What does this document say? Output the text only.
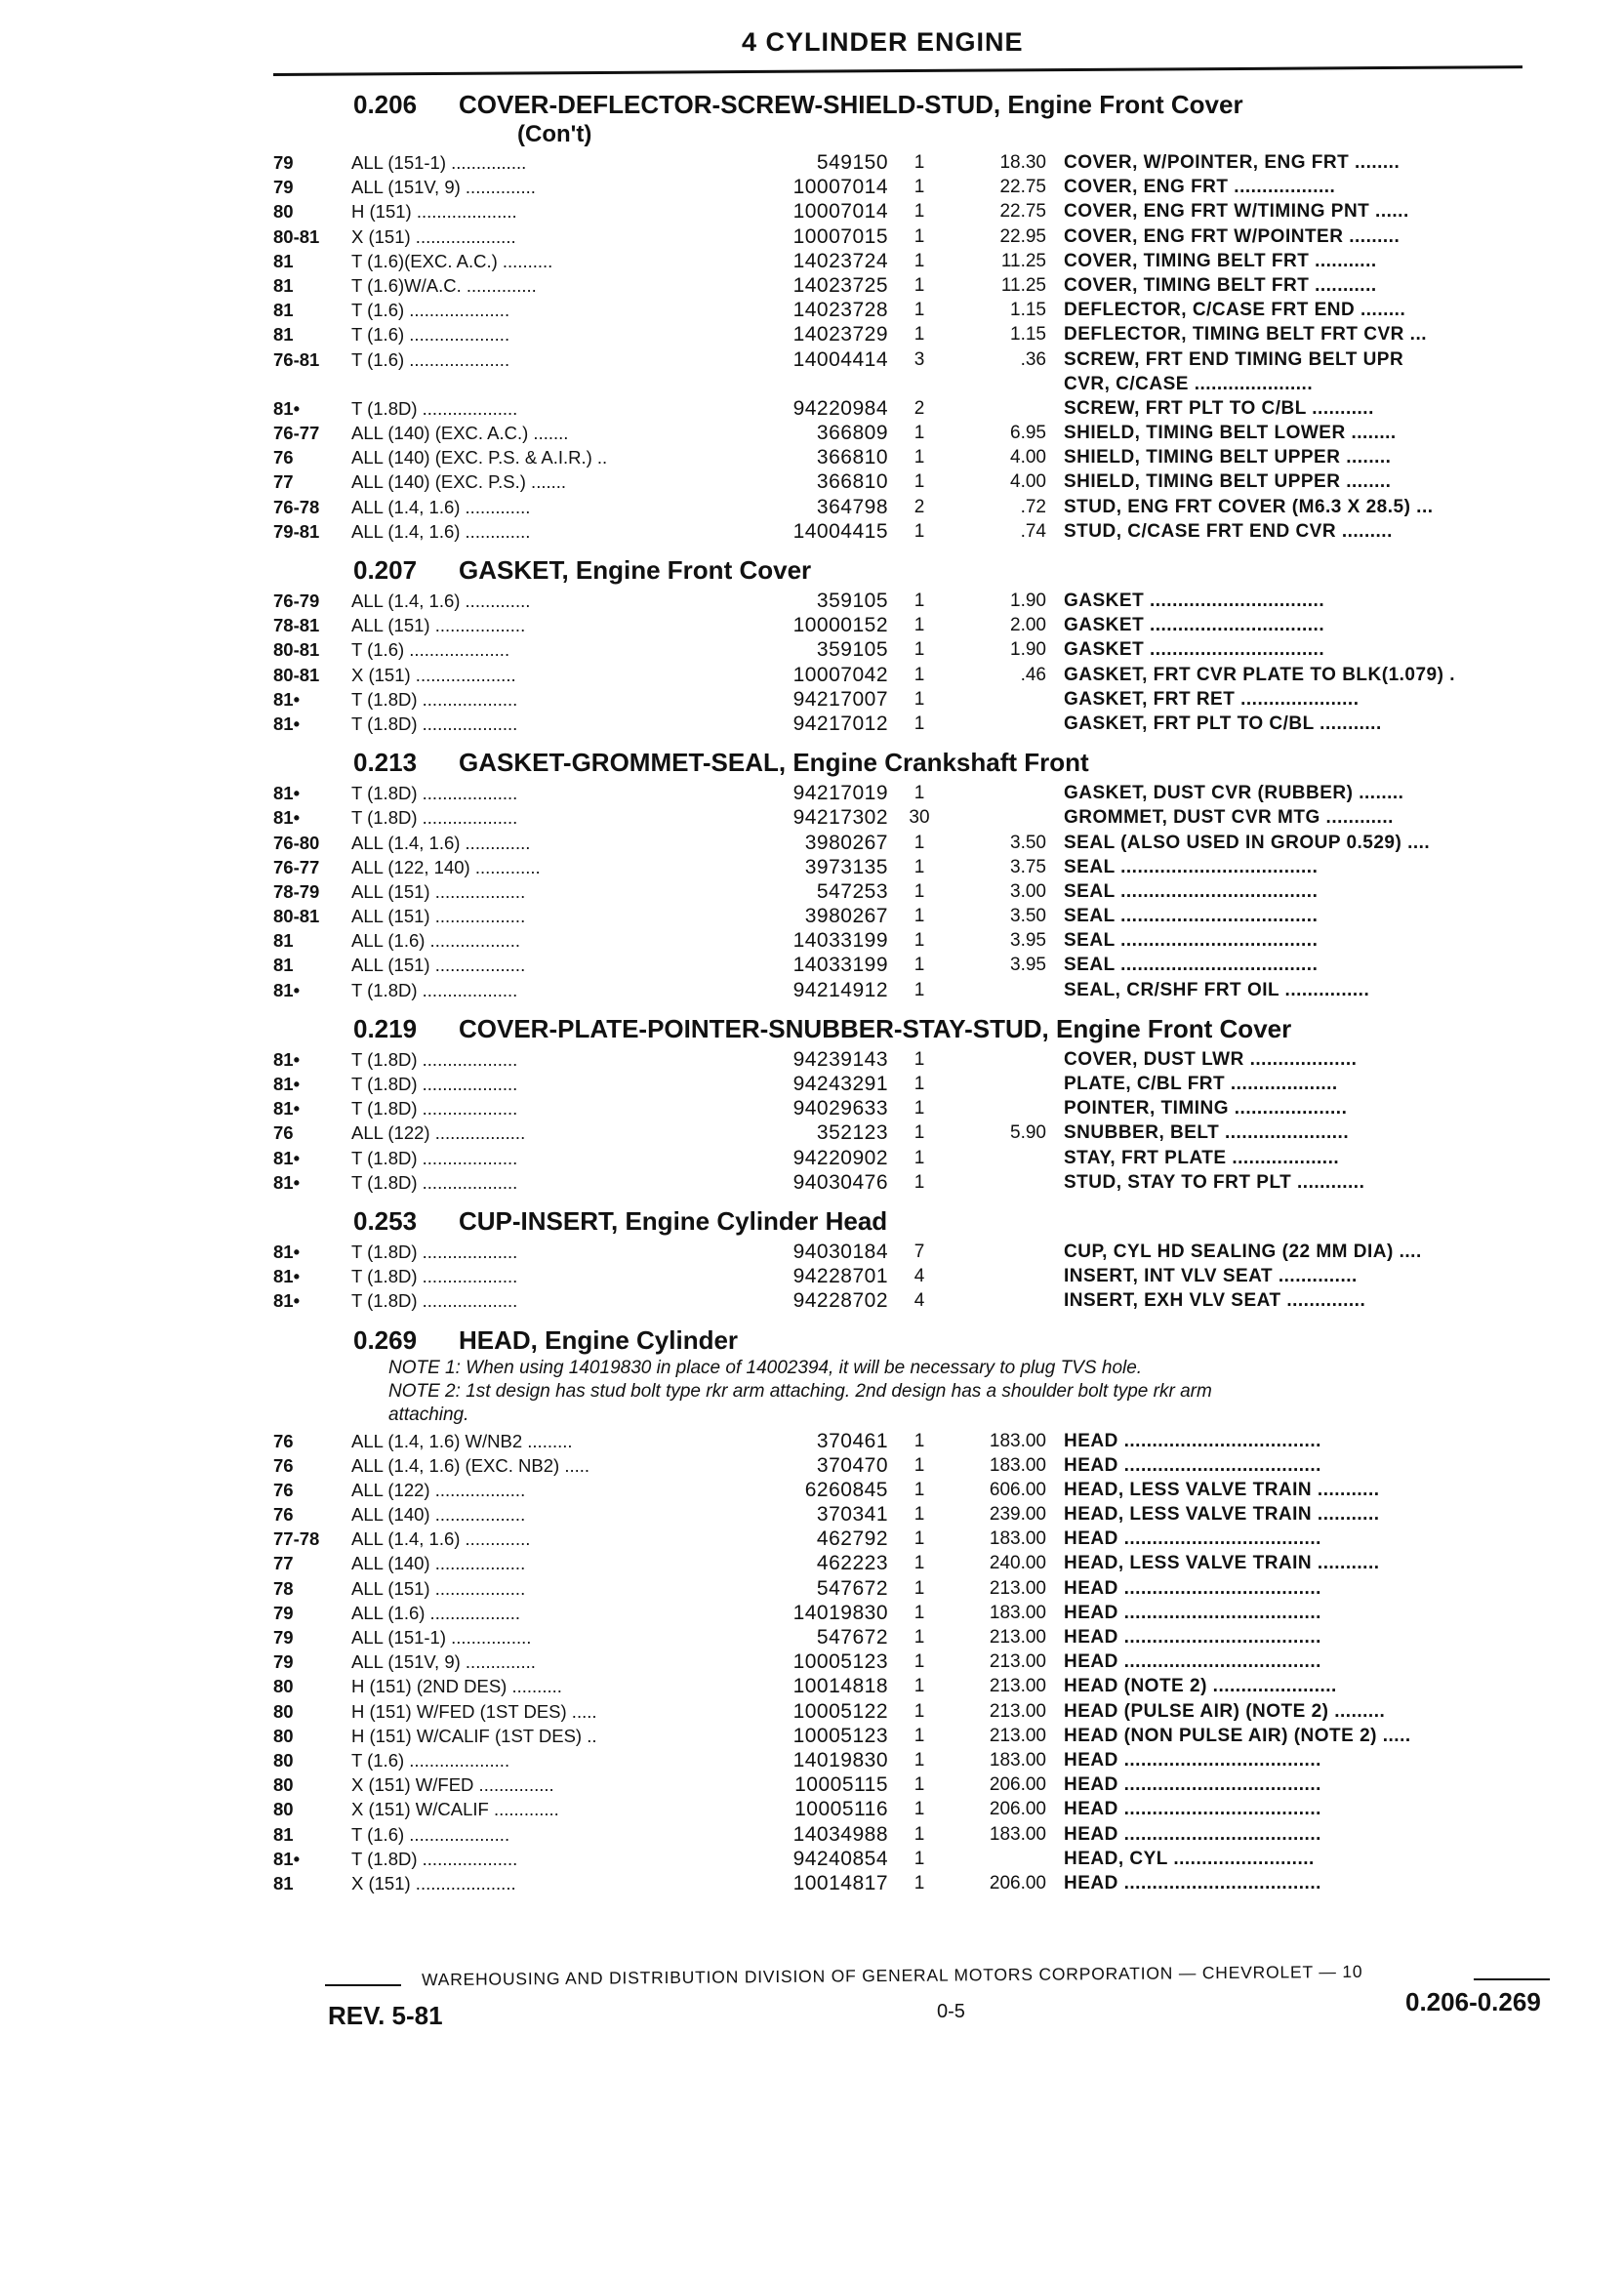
4 CYLINDER ENGINE
0.206 COVER-DEFLECTOR-SCREW-SHIELD-STUD, Engine Front Cover
(Con't)
79	ALL (151-1) ...............	549150	1	18.30 COVER, W/POINTER, ENG FRT ........
79	ALL (151V, 9) ..............	10007014	1	22.75 COVER, ENG FRT ..................
80	H (151) ....................	10007014	1	22.75 COVER, ENG FRT W/TIMING PNT ......
80-81 X (151) ....................	10007015	1	22.95 COVER, ENG FRT W/POINTER .........
81	T (1.6)(EXC. A.C.) ..........	14023724	1	11.25 COVER, TIMING BELT FRT ...........
81	T (1.6)W/A.C. ..............	14023725	1	11.25 COVER, TIMING BELT FRT ...........
81	T (1.6) ....................	14023728	1	1.15 DEFLECTOR, C/CASE FRT END ........
81	T (1.6) ....................	14023729	1	1.15 DEFLECTOR, TIMING BELT FRT CVR ...
76-81 T (1.6) ....................	14004414	3	.36 SCREW, FRT END TIMING BELT UPR
CVR, C/CASE .....................
81•	T (1.8D) ...................	94220984	2	SCREW, FRT PLT TO C/BL ...........
76-77 ALL (140) (EXC. A.C.) .......	366809	1	6.95 SHIELD, TIMING BELT LOWER ........
76	ALL (140) (EXC. P.S. & A.I.R.) ..	366810	1	4.00 SHIELD, TIMING BELT UPPER ........
77	ALL (140) (EXC. P.S.) .......	366810	1	4.00 SHIELD, TIMING BELT UPPER ........
76-78 ALL (1.4, 1.6) .............	364798	2	.72 STUD, ENG FRT COVER (M6.3 X 28.5) ...
79-81 ALL (1.4, 1.6) .............	14004415	1	.74 STUD, C/CASE FRT END CVR .........
0.207 GASKET, Engine Front Cover
76-79 ALL (1.4, 1.6) .............	359105	1	1.90 GASKET ...............................
78-81 ALL (151) ..................	10000152	1	2.00 GASKET ...............................
80-81 T (1.6) ....................	359105	1	1.90 GASKET ...............................
80-81 X (151) ....................	10007042	1	.46 GASKET, FRT CVR PLATE TO BLK(1.079) .
81•	T (1.8D) ...................	94217007	1	GASKET, FRT RET .....................
81•	T (1.8D) ...................	94217012	1	GASKET, FRT PLT TO C/BL ...........
0.213 GASKET-GROMMET-SEAL, Engine Crankshaft Front
81•	T (1.8D) ...................	94217019	1	GASKET, DUST CVR (RUBBER) ........
81•	T (1.8D) ...................	94217302	30	GROMMET, DUST CVR MTG ............
76-80 ALL (1.4, 1.6) .............	3980267	1	3.50 SEAL (ALSO USED IN GROUP 0.529) ....
76-77 ALL (122, 140) .............	3973135	1	3.75 SEAL ...................................
78-79 ALL (151) ..................	547253	1	3.00 SEAL ...................................
80-81 ALL (151) ..................	3980267	1	3.50 SEAL ...................................
81	ALL (1.6) ..................	14033199	1	3.95 SEAL ...................................
81	ALL (151) ..................	14033199	1	3.95 SEAL ...................................
81•	T (1.8D) ...................	94214912	1	SEAL, CR/SHF FRT OIL ...............
0.219 COVER-PLATE-POINTER-SNUBBER-STAY-STUD, Engine Front Cover
81•	T (1.8D) ...................	94239143	1	COVER, DUST LWR ...................
81•	T (1.8D) ...................	94243291	1	PLATE, C/BL FRT ...................
81•	T (1.8D) ...................	94029633	1	POINTER, TIMING ....................
76	ALL (122) ..................	352123	1	5.90 SNUBBER, BELT ......................
81•	T (1.8D) ...................	94220902	1	STAY, FRT PLATE ...................
81•	T (1.8D) ...................	94030476	1	STUD, STAY TO FRT PLT ............
0.253 CUP-INSERT, Engine Cylinder Head
81•	T (1.8D) ...................	94030184	7	CUP, CYL HD SEALING (22 MM DIA) ....
81•	T (1.8D) ...................	94228701	4	INSERT, INT VLV SEAT ..............
81•	T (1.8D) ...................	94228702	4	INSERT, EXH VLV SEAT ..............
0.269 HEAD, Engine Cylinder
NOTE 1: When using 14019830 in place of 14002394, it will be necessary to plug TVS hole.
NOTE 2: 1st design has stud bolt type rkr arm attaching. 2nd design has a shoulder bolt type rkr arm
attaching.
76	ALL (1.4, 1.6) W/NB2 .........	370461	1	183.00 HEAD ...................................
76	ALL (1.4, 1.6) (EXC. NB2) .....	370470	1	183.00 HEAD ...................................
76	ALL (122) ..................	6260845	1	606.00 HEAD, LESS VALVE TRAIN ...........
76	ALL (140) ..................	370341	1	239.00 HEAD, LESS VALVE TRAIN ...........
77-78 ALL (1.4, 1.6) .............	462792	1	183.00 HEAD ...................................
77	ALL (140) ..................	462223	1	240.00 HEAD, LESS VALVE TRAIN ...........
78	ALL (151) ..................	547672	1	213.00 HEAD ...................................
79	ALL (1.6) ..................	14019830	1	183.00 HEAD ...................................
79	ALL (151-1) ................	547672	1	213.00 HEAD ...................................
79	ALL (151V, 9) ..............	10005123	1	213.00 HEAD ...................................
80	H (151) (2ND DES) ..........	10014818	1	213.00 HEAD (NOTE 2) ......................
80	H (151) W/FED (1ST DES) .....	10005122	1	213.00 HEAD (PULSE AIR) (NOTE 2) .........
80	H (151) W/CALIF (1ST DES) ..	10005123	1	213.00 HEAD (NON PULSE AIR) (NOTE 2) .....
80	T (1.6) ....................	14019830	1	183.00 HEAD ...................................
80	X (151) W/FED ...............	10005115	1	206.00 HEAD ...................................
80	X (151) W/CALIF .............	10005116	1	206.00 HEAD ...................................
81	T (1.6) ....................	14034988	1	183.00 HEAD ...................................
81•	T (1.8D) ...................	94240854	1	HEAD, CYL .........................
81	X (151) ....................	10014817	1	206.00 HEAD ...................................
WAREHOUSING AND DISTRIBUTION DIVISION OF GENERAL MOTORS CORPORATION — CHEVROLET — 10
REV. 5-81	0-5	0.206-0.269
